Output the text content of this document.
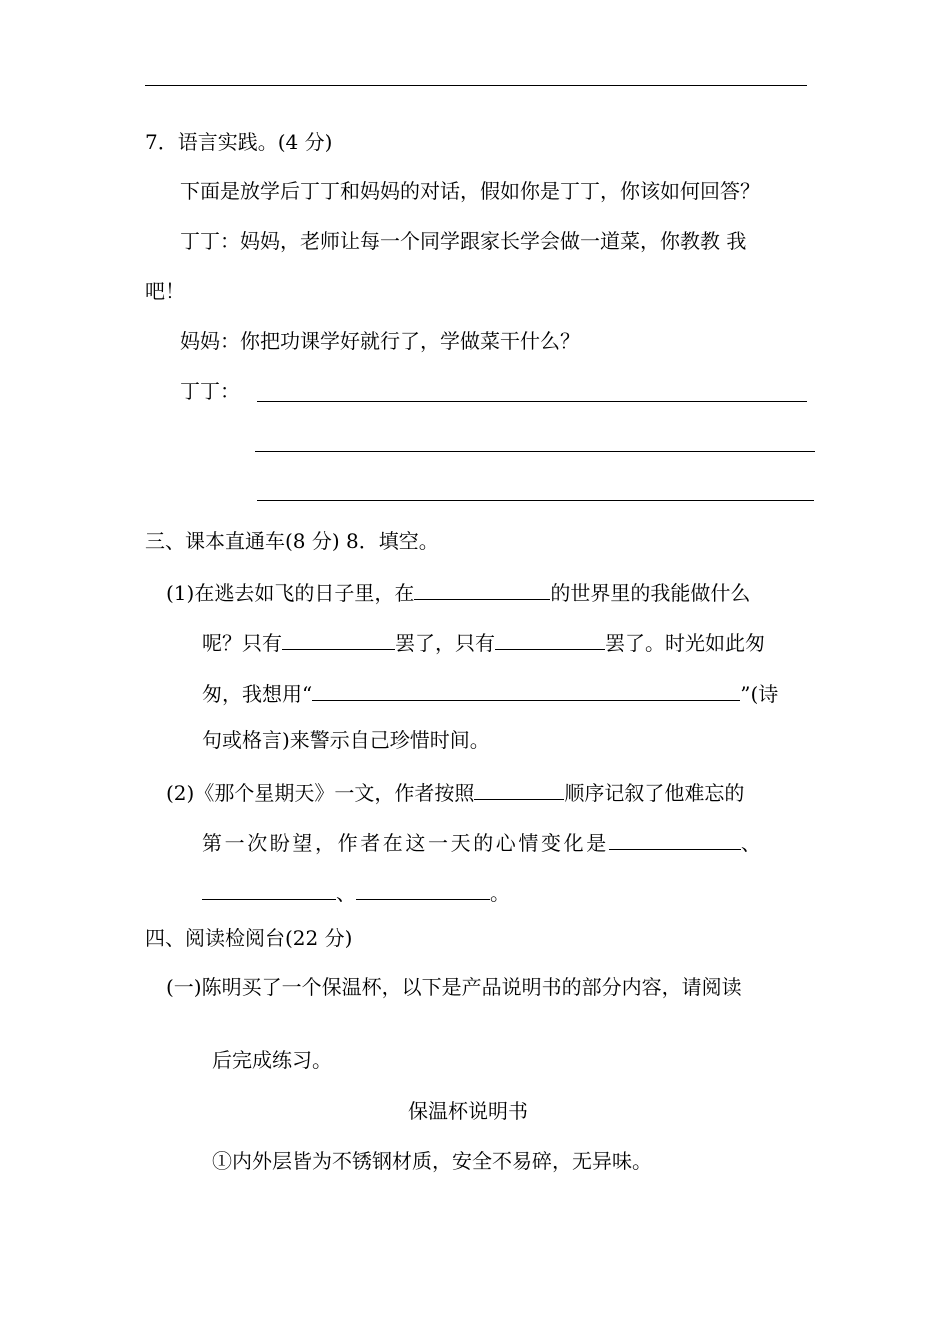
7．语言实践。(4 分)
下面是放学后丁丁和妈妈的对话，假如你是丁丁，你该如何回答？
丁丁：妈妈，老师让每一个同学跟家长学会做一道菜，你教教 我
吧！
妈妈：你把功课学好就行了，学做菜干什么？
丁丁：
三、课本直通车(8 分) 8．填空。
(1)在逃去如飞的日子里，在	的世界里的我能做什么
呢？只有	罢了，只有	罢了。时光如此匆
匆，我想用“	”(诗
句或格言)来警示自己珍惜时间。
(2)《那个星期天》一文，作者按照	顺序记叙了他难忘的
第一次盼望，作者在这一天的心情变化是	、
、	。
四、阅读检阅台(22 分)
(一)陈明买了一个保温杯，以下是产品说明书的部分内容，请阅读
后完成练习。
保温杯说明书
①内外层皆为不锈钢材质，安全不易碎，无异味。
